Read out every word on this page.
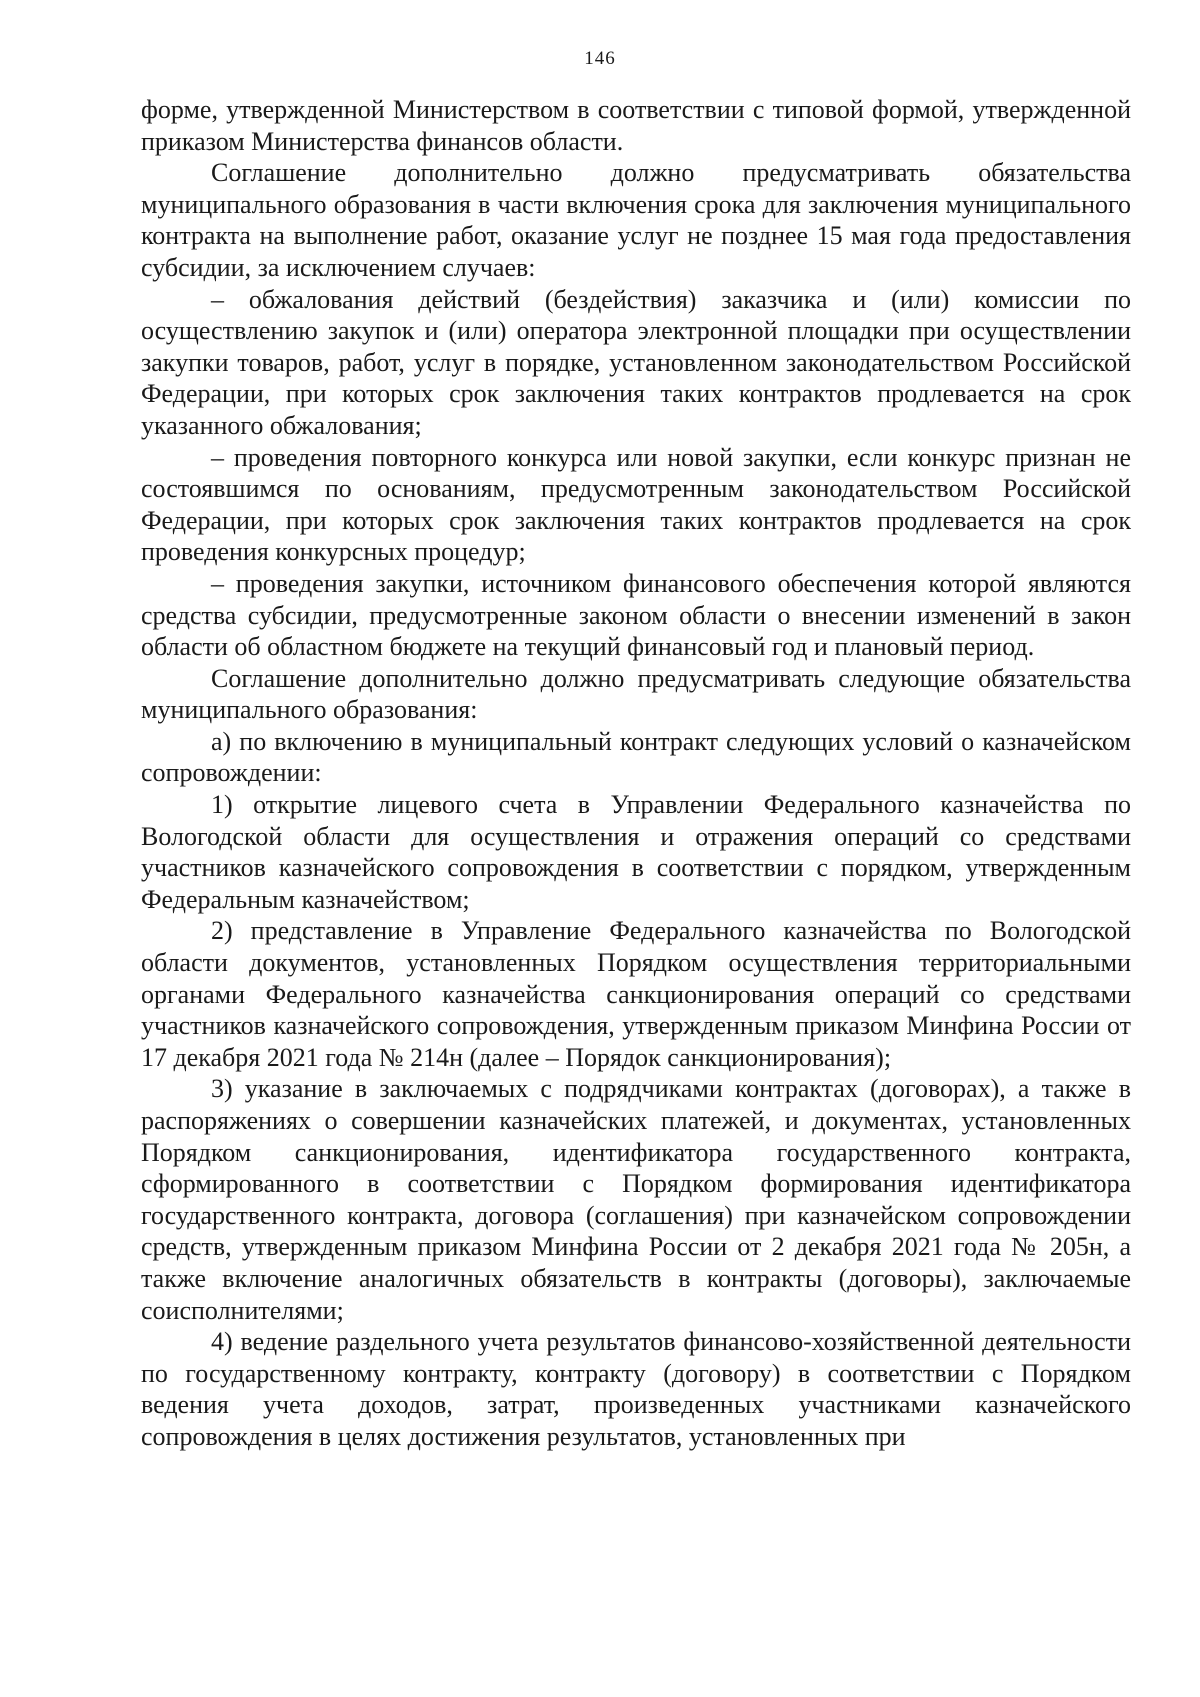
146

форме, утвержденной Министерством в соответствии с типовой формой, утвержденной приказом Министерства финансов области.

Соглашение дополнительно должно предусматривать обязательства муниципального образования в части включения срока для заключения муниципального контракта на выполнение работ, оказание услуг не позднее 15 мая года предоставления субсидии, за исключением случаев:

– обжалования действий (бездействия) заказчика и (или) комиссии по осуществлению закупок и (или) оператора электронной площадки при осуществлении закупки товаров, работ, услуг в порядке, установленном законодательством Российской Федерации, при которых срок заключения таких контрактов продлевается на срок указанного обжалования;

– проведения повторного конкурса или новой закупки, если конкурс признан не состоявшимся по основаниям, предусмотренным законодательством Российской Федерации, при которых срок заключения таких контрактов продлевается на срок проведения конкурсных процедур;

– проведения закупки, источником финансового обеспечения которой являются средства субсидии, предусмотренные законом области о внесении изменений в закон области об областном бюджете на текущий финансовый год и плановый период.

Соглашение дополнительно должно предусматривать следующие обязательства муниципального образования:

а) по включению в муниципальный контракт следующих условий о казначейском сопровождении:

1) открытие лицевого счета в Управлении Федерального казначейства по Вологодской области для осуществления и отражения операций со средствами участников казначейского сопровождения в соответствии с порядком, утвержденным Федеральным казначейством;

2) представление в Управление Федерального казначейства по Вологодской области документов, установленных Порядком осуществления территориальными органами Федерального казначейства санкционирования операций со средствами участников казначейского сопровождения, утвержденным приказом Минфина России от 17 декабря 2021 года № 214н (далее – Порядок санкционирования);

3) указание в заключаемых с подрядчиками контрактах (договорах), а также в распоряжениях о совершении казначейских платежей, и документах, установленных Порядком санкционирования, идентификатора государственного контракта, сформированного в соответствии с Порядком формирования идентификатора государственного контракта, договора (соглашения) при казначейском сопровождении средств, утвержденным приказом Минфина России от 2 декабря 2021 года № 205н, а также включение аналогичных обязательств в контракты (договоры), заключаемые соисполнителями;

4) ведение раздельного учета результатов финансово-хозяйственной деятельности по государственному контракту, контракту (договору) в соответствии с Порядком ведения учета доходов, затрат, произведенных участниками казначейского сопровождения в целях достижения результатов, установленных при
